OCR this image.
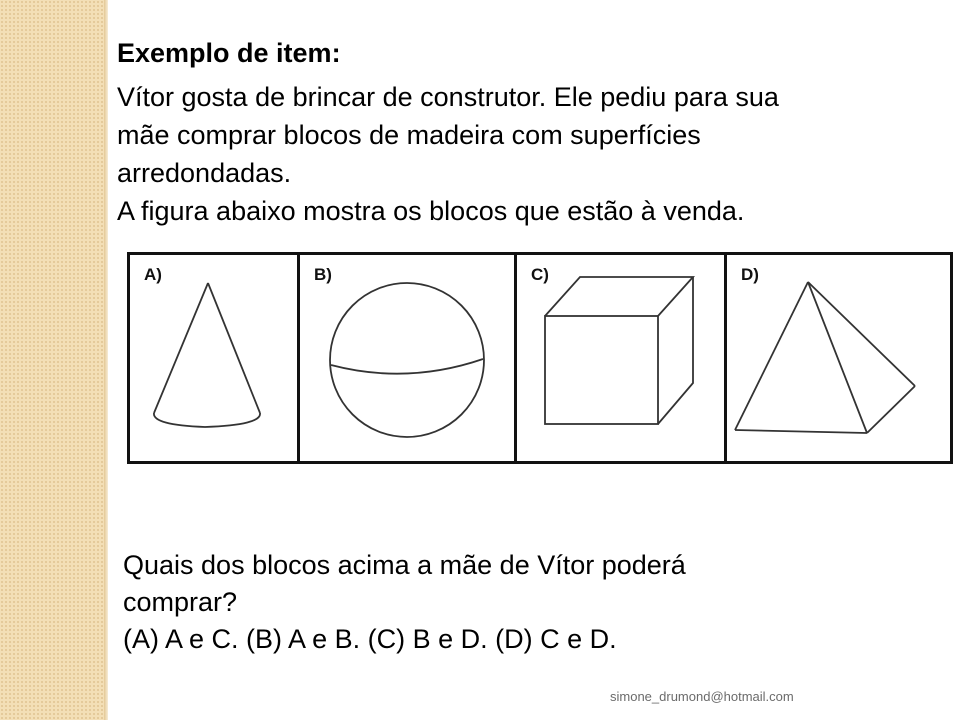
Exemplo de item:

Vítor gosta de brincar de construtor. Ele pediu para sua

mãe comprar blocos de madeira com superfícies

arredondadas.

A figura abaixo mostra os blocos que estão à venda.

A)	B)	C)	D)

Quais dos blocos acima a mãe de Vítor poderá

comprar?

(A) A e C. (B) A e B. (C) B e D. (D) C e D.

simone_drumond@hotmail.com
